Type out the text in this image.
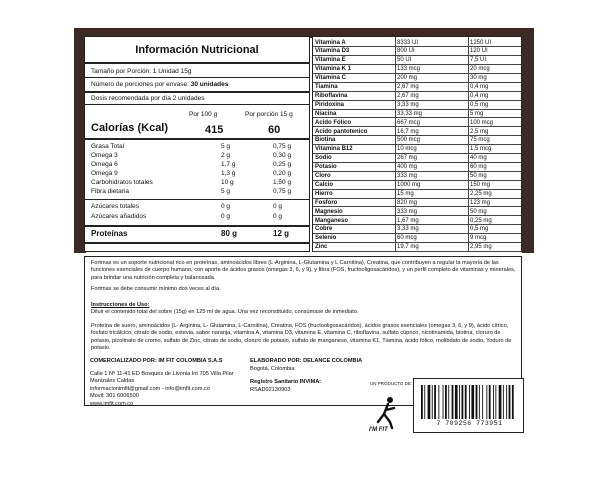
Información Nutricional
Tamaño por Porción: 1 Unidad 15g
Número de porciones por envase: 30 unidades
Dosis recomendada por día 2 unidades
Por 100 g	Por porción 15 g
Calorías (Kcal)	415	60
Grasa Total	5 g	0,75 g
Omega 3	2 g	0,30 g
Omega 6	1,7 g	0,25 g
Omega 9	1,3 g	0,20 g
Carbohidratos totales	10 g	1,50 g
Fibra dietaria	5 g	0,75 g
Azúcares totales	0 g	0 g
Azúcares añadidos	0 g	0 g
Proteínas	80 g	12 g
Vitamina A	8333 UI	1250 UI
Vitamina D3	800 UI	120 UI
Vitamina E	50 UI	7,5 UI
Vitamina K 1	133 mcg	20 mcg
Vitamina C	200 mg	30 mg
Tiamina	2,67 mg	0,4 mg
Riboflavina	2,67 mg	0,4 mg
Piridoxina	3,33 mg	0,5 mg
Niacina	33,33 mg	5 mg
Acido Fólico	667 mcg	100 mcg
Acido pantotenico	16,7 mg	2,5 mg
Biotina	500 mcg	75 mcg
Vitamina B12	10 mcg	1,5 mcg
Sodio	267 mg	40 mg
Potasio	400 mg	60 mg
Cloro	333 mg	50 mg
Calcio	1000 mg	150 mg
Hierro	15 mg	2,25 mg
Fosforo	820 mg	123 mg
Magnesio	333 mg	50 mg
Manganeso	1,67 mg	0,25 mg
Cobre	3,33 mg	0,5 mg
Selenio	60 mcg	9 mcg
Zinc	19,7 mg	2,95 mg
Fortmax es un soporte nutricional rico en proteínas, aminoácidos libres (L-Arginina, L-Glutamina y L Carnitina), Creatina, que contribuyen a regular la mayoría de las funciones esenciales de cuerpo humano, con aporte de ácidos grasos (omegas 3, 6, y 9), y fibra (FOS, fructooligosacáridos), y un perfil completo de vitaminas y minerales, para brindar una nutrición completa y balanceada.
Fortmax se debe consumir mínimo dos veces al día.
Instrucciones de Uso:
Diluir el contenido total del sobre (15g) en 125 ml de agua. Una vez reconstituido, consúmase de inmediato.
Proteína de suero, aminoácidos (L- Arginina, L- Glutamina, L-Carnitina), Creatina, FOS (fructooligosacáridos), ácidos grasos esenciales (omegas 3, 6, y 9), ácido cítrico, fosfato tricálcico, citrato de sodio, estevia, sabor naranja, vitamina A, vitamina D3, vitamina E, vitamina C, riboflavina, sulfato cúprico, nicotinamida, biotina, cloruro de potasio, picolinato de cromo, sulfato de Zinc, citrato de sodio, cloruro de potasio, sulfato de manganeso, vitamina K1, Tiamina, ácido fólico, molibdato de sodio, Yoduro de potasio.
COMERCIALIZADO POR: IM FIT COLOMBIA S.A.S
Calle 1 Nº 11-41 ED Bosques de Livonia Int 705 Villa Pilar
Manizales Caldas
informacionimfit@gmail.com - info@imfit.com.co
Movil: 301 6006500
www.imfit.com.co
ELABORADO POR: DELANCE COLOMBIA
Bogotá, Colombia
Registro Sanitario INVIMA:
RSAD02130903
UN PRODUCTO DE:
I'M FIT
7 709256 773951
